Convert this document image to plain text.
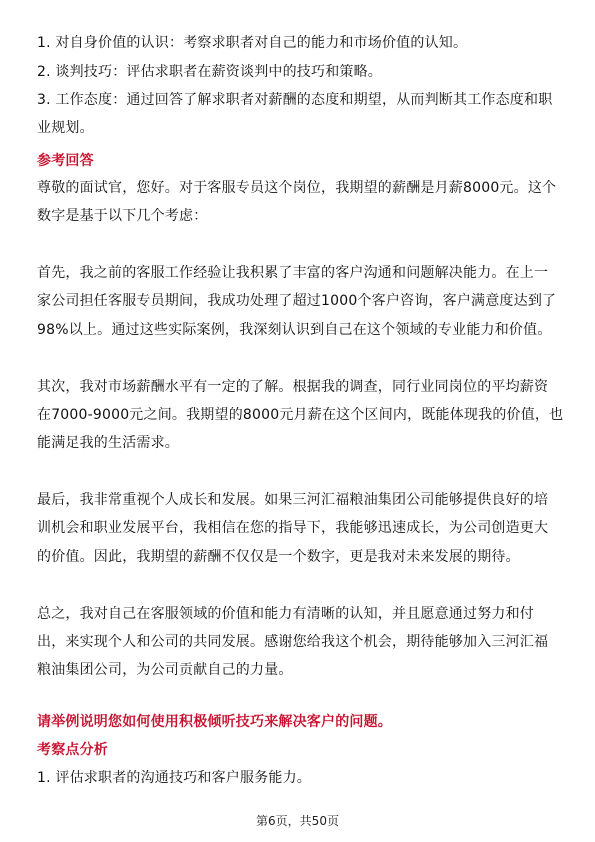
1. 对自身价值的认识：考察求职者对自己的能力和市场价值的认知。
2. 谈判技巧：评估求职者在薪资谈判中的技巧和策略。
3. 工作态度：通过回答了解求职者对薪酬的态度和期望，从而判断其工作态度和职
业规划。
参考回答
尊敬的面试官，您好。对于客服专员这个岗位，我期望的薪酬是月薪8000元。这个
数字是基于以下几个考虑：
首先，我之前的客服工作经验让我积累了丰富的客户沟通和问题解决能力。在上一
家公司担任客服专员期间，我成功处理了超过1000个客户咨询，客户满意度达到了
98%以上。通过这些实际案例，我深刻认识到自己在这个领域的专业能力和价值。
其次，我对市场薪酬水平有一定的了解。根据我的调查，同行业同岗位的平均薪资
在7000-9000元之间。我期望的8000元月薪在这个区间内，既能体现我的价值，也
能满足我的生活需求。
最后，我非常重视个人成长和发展。如果三河汇福粮油集团公司能够提供良好的培
训机会和职业发展平台，我相信在您的指导下，我能够迅速成长，为公司创造更大
的价值。因此，我期望的薪酬不仅仅是一个数字，更是我对未来发展的期待。
总之，我对自己在客服领域的价值和能力有清晰的认知，并且愿意通过努力和付
出，来实现个人和公司的共同发展。感谢您给我这个机会，期待能够加入三河汇福
粮油集团公司，为公司贡献自己的力量。
请举例说明您如何使用积极倾听技巧来解决客户的问题。
考察点分析
1. 评估求职者的沟通技巧和客户服务能力。
第6页，共50页
